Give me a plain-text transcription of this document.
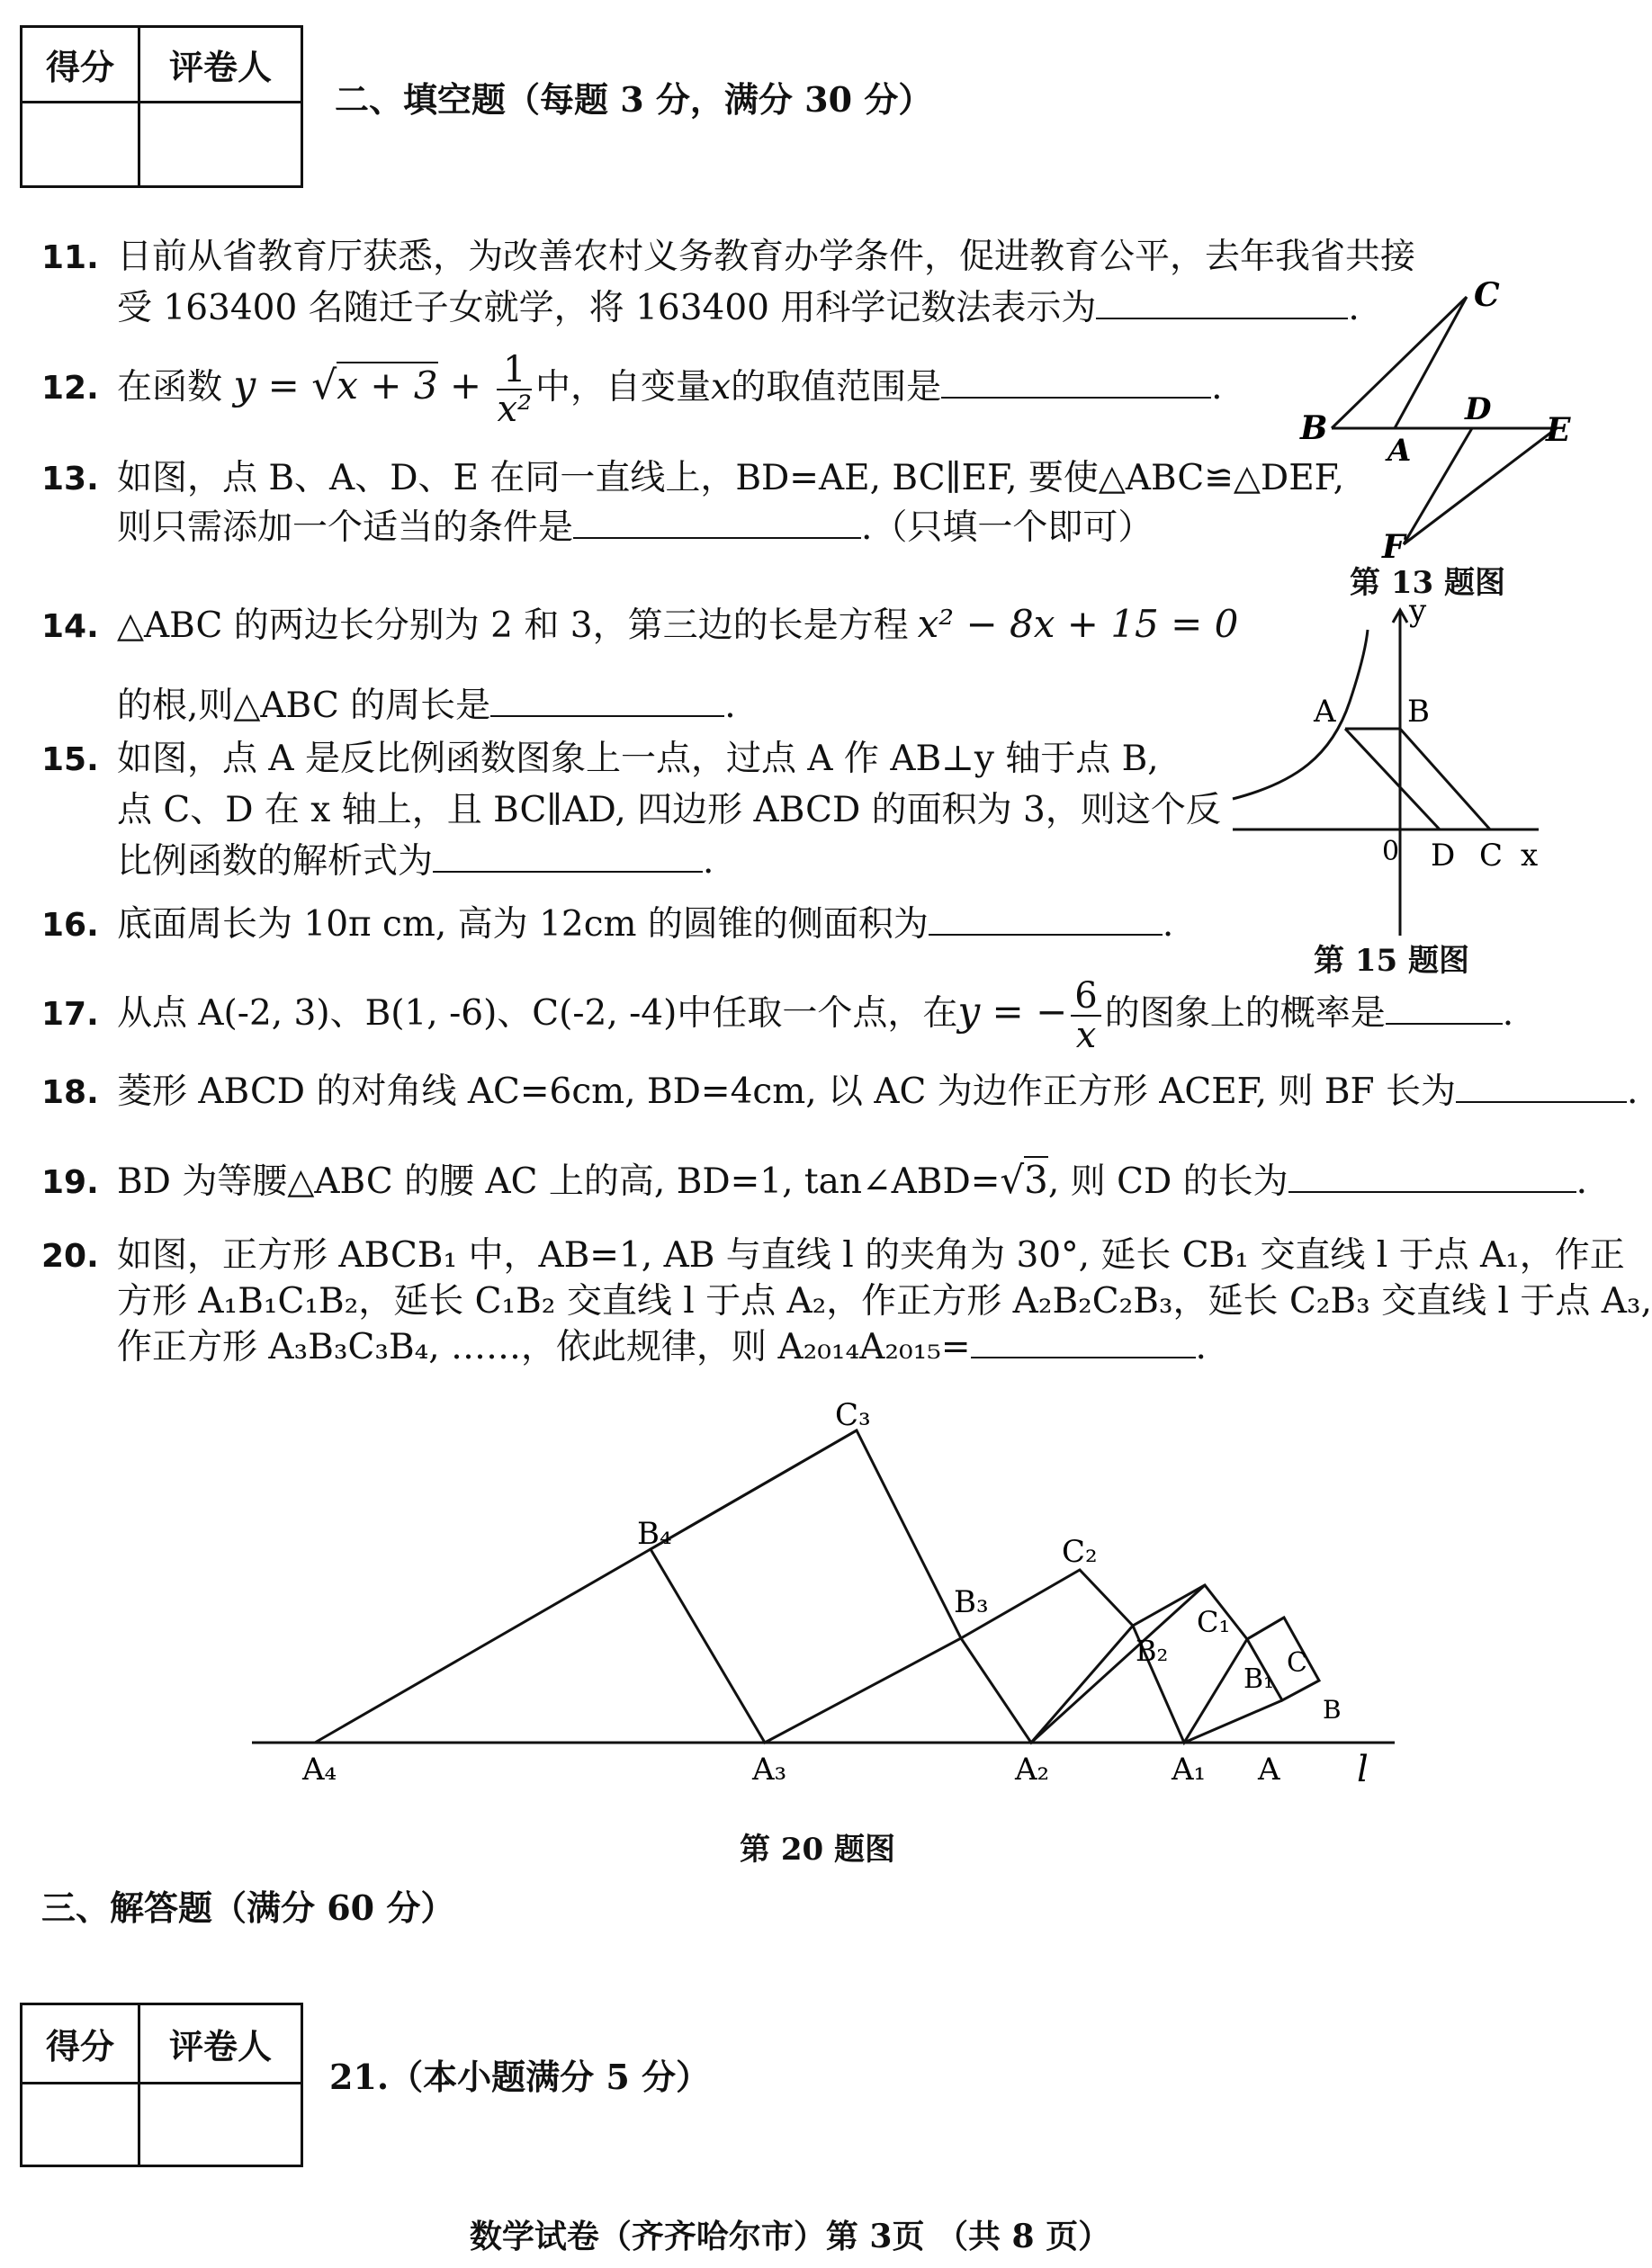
得分	评卷人

二、填空题（每题 3 分，满分 30 分）
11. 日前从省教育厅获悉，为改善农村义务教育办学条件，促进教育公平，去年我省共接
受 163400 名随迁子女就学，将 163400 用科学记数法表示为	.
12. 在函数 $y = √x + 3 + \frac{1}{\text{x²}}$ 中，自变量x的取值范围是	.
13. 如图，点 B、A、D、E 在同一直线上，BD=AE, BC∥EF, 要使△ABC≌△DEF,
则只需添加一个适当的条件是	.（只填一个即可）
14. △ABC 的两边长分别为 2 和 3，第三边的长是方程 x² − 8x + 15 = 0
的根,则△ABC 的周长是	.
15. 如图，点 A 是反比例函数图象上一点，过点 A 作 AB⊥y 轴于点 B,
点 C、D 在 x 轴上，且 BC∥AD, 四边形 ABCD 的面积为 3，则这个反
比例函数的解析式为	.
16. 底面周长为 10π cm, 高为 12cm 的圆锥的侧面积为	.
17. 从点 A(-2, 3)、B(1, -6)、C(-2, -4)中任取一个点，在y = − $\frac{6}{x}$ 的图象上的概率是	.
18. 菱形 ABCD 的对角线 AC=6cm, BD=4cm, 以 AC 为边作正方形 ACEF, 则 BF 长为	.
19. BD 为等腰△ABC 的腰 AC 上的高, BD=1, tan∠ABD=√3, 则 CD 的长为	.
20. 如图，正方形 ABCB₁ 中，AB=1, AB 与直线 l 的夹角为 30°, 延长 CB₁ 交直线 l 于点 A₁，作正
方形 A₁B₁C₁B₂，延长 C₁B₂ 交直线 l 于点 A₂，作正方形 A₂B₂C₂B₃，延长 C₂B₃ 交直线 l 于点 A₃,
作正方形 A₃B₃C₃B₄, ……，依此规律，则 A₂₀₁₄A₂₀₁₅=	.
C
B
A
D
E
F
第 13 题图
y
x
A B
0 D C
第 15 题图
C₃
B₄	C₂
B₃
B₂
C₁
B₁
C
B
A₄	A₃	A₂	A₁ A l
第 20 题图
三、解答题（满分 60 分）
得分	评卷人

21.（本小题满分 5 分）
数学试卷（齐齐哈尔市）第 3页 （共 8 页）
